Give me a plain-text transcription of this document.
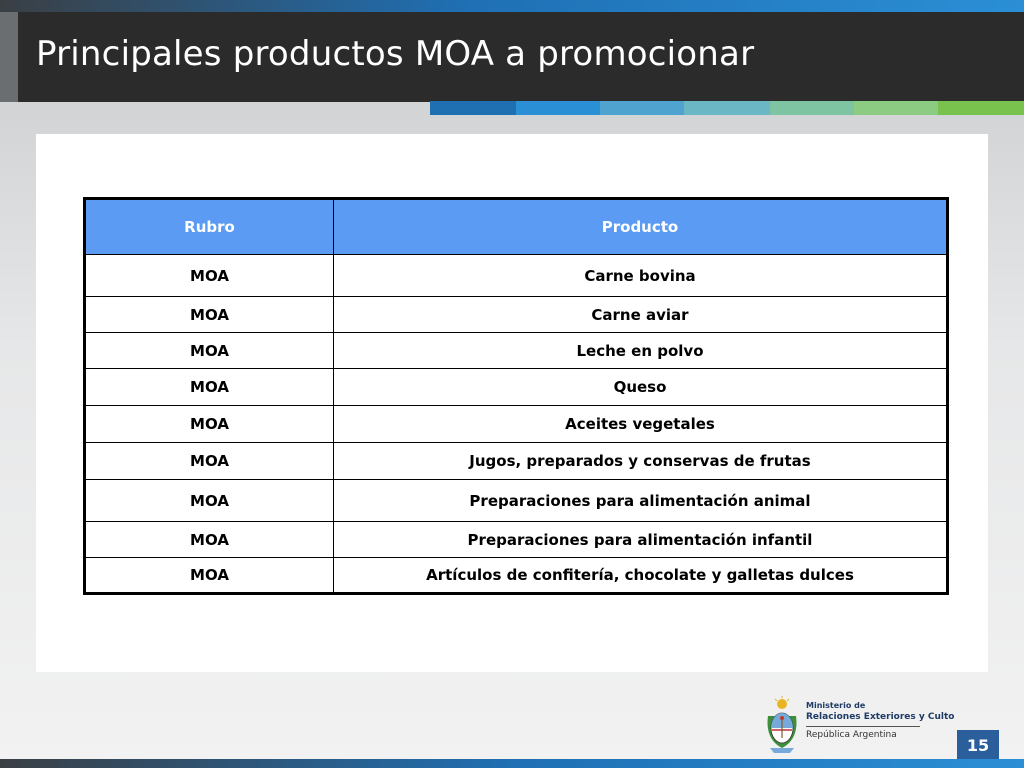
Principales productos MOA a promocionar
Rubro	Producto
MOA	Carne bovina
MOA	Carne aviar
MOA	Leche en polvo
MOA	Queso
MOA	Aceites vegetales
MOA	Jugos, preparados y conservas de frutas
MOA	Preparaciones para alimentación animal
MOA	Preparaciones para alimentación infantil
MOA	Artículos de confitería, chocolate y galletas dulces
Ministerio de
Relaciones Exteriores y Culto
República Argentina
15
